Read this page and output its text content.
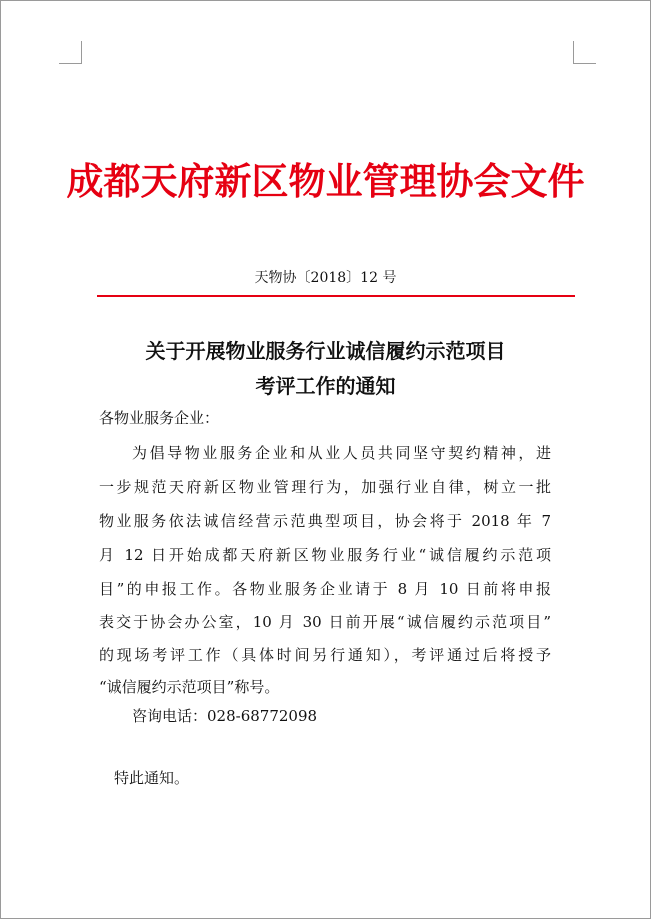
成都天府新区物业管理协会文件
天物协〔2018〕12 号
关于开展物业服务行业诚信履约示范项目
考评工作的通知
各物业服务企业：
为倡导物业服务企业和从业人员共同坚守契约精神，进
一步规范天府新区物业管理行为，加强行业自律，树立一批
物业服务依法诚信经营示范典型项目，协会将于 2018 年 7
月 12 日开始成都天府新区物业服务行业“诚信履约示范项
目”的申报工作。各物业服务企业请于 8 月 10 日前将申报
表交于协会办公室，10 月 30 日前开展“诚信履约示范项目”
的现场考评工作（具体时间另行通知），考评通过后将授予
“诚信履约示范项目”称号。
咨询电话：028-68772098
特此通知。
